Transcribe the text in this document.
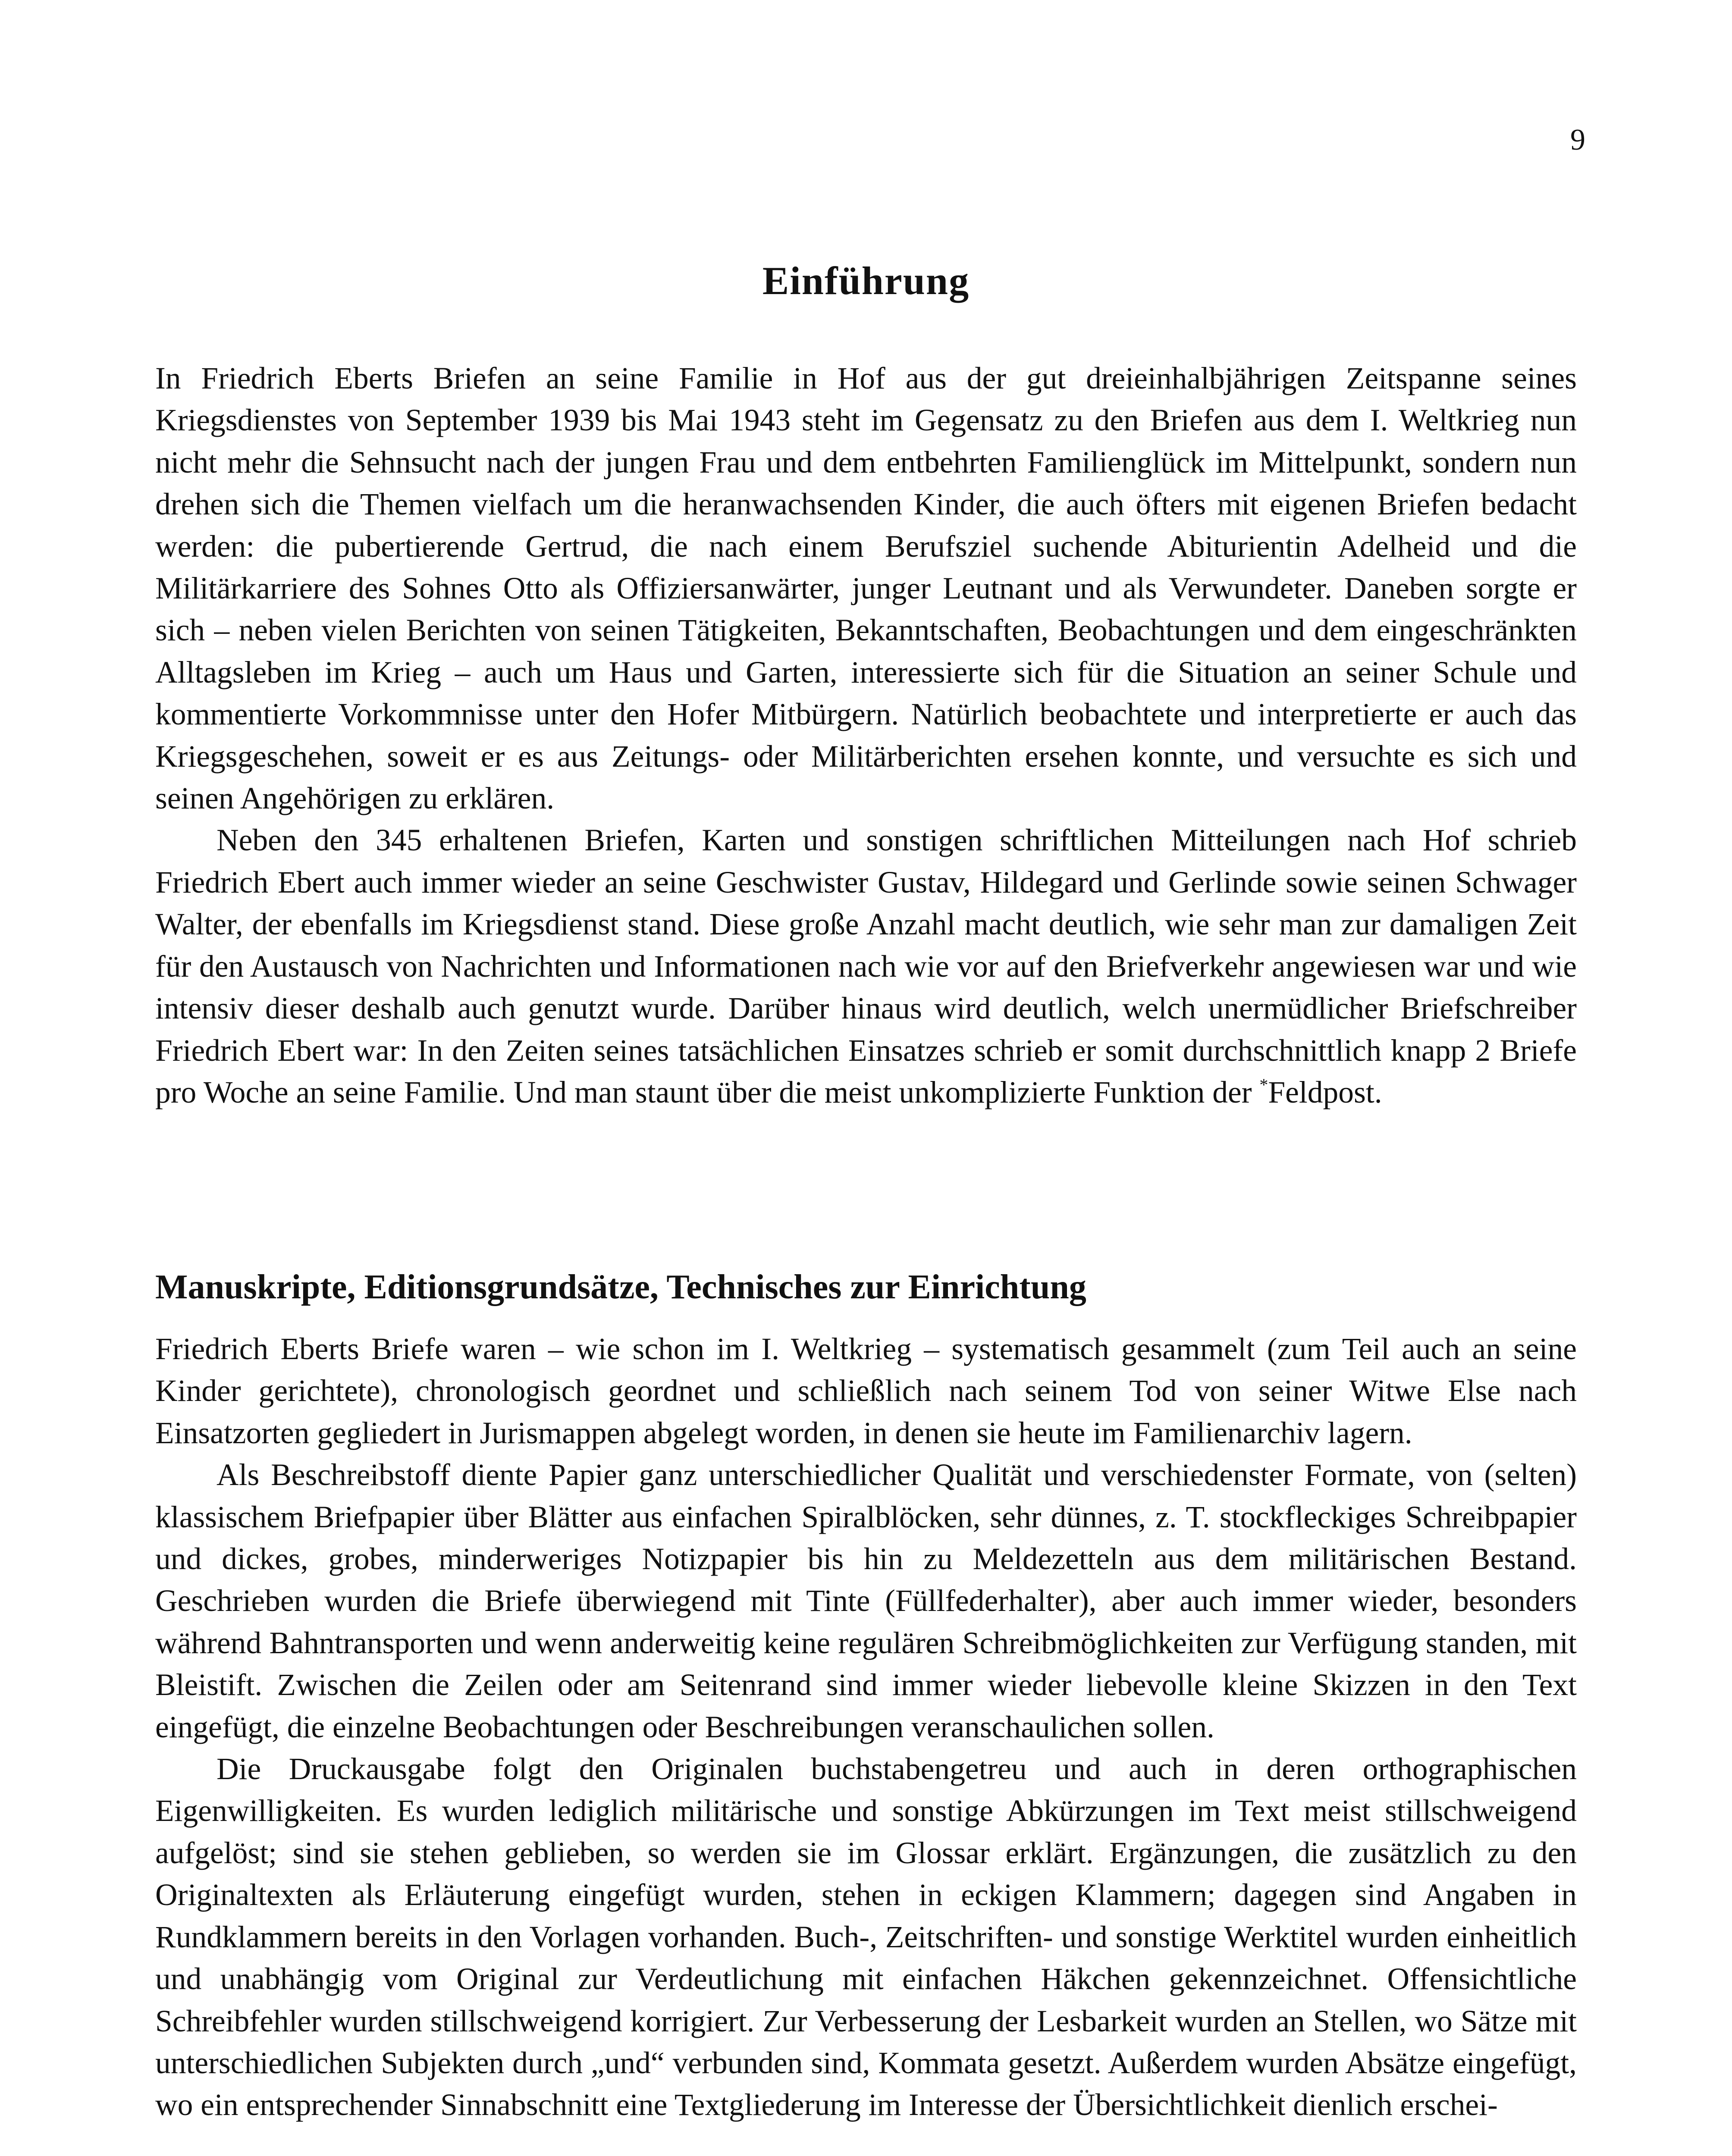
9
Einführung

In Friedrich Eberts Briefen an seine Familie in Hof aus der gut dreieinhalbjährigen Zeitspanne seines Kriegsdienstes von September 1939 bis Mai 1943 steht im Gegensatz zu den Briefen aus dem I. Weltkrieg nun nicht mehr die Sehnsucht nach der jungen Frau und dem entbehrten Familienglück im Mittelpunkt, sondern nun drehen sich die Themen vielfach um die heranwachsenden Kinder, die auch öfters mit eigenen Briefen bedacht werden: die pubertierende Gertrud, die nach einem Berufsziel suchende Abiturientin Adelheid und die Militärkarriere des Sohnes Otto als Offiziersanwärter, junger Leutnant und als Verwundeter. Daneben sorgte er sich – neben vielen Berichten von seinen Tätigkeiten, Bekanntschaften, Beobachtungen und dem eingeschränkten Alltagsleben im Krieg – auch um Haus und Garten, interessierte sich für die Situation an seiner Schule und kommentierte Vorkommnisse unter den Hofer Mitbürgern. Natürlich beobachtete und interpretierte er auch das Kriegsgeschehen, soweit er es aus Zeitungs- oder Militärberichten ersehen konnte, und versuchte es sich und seinen Angehörigen zu erklären.

Neben den 345 erhaltenen Briefen, Karten und sonstigen schriftlichen Mitteilungen nach Hof schrieb Friedrich Ebert auch immer wieder an seine Geschwister Gustav, Hildegard und Gerlinde sowie seinen Schwager Walter, der ebenfalls im Kriegsdienst stand. Diese große Anzahl macht deutlich, wie sehr man zur damaligen Zeit für den Austausch von Nachrichten und Informationen nach wie vor auf den Briefverkehr angewiesen war und wie intensiv dieser deshalb auch genutzt wurde. Darüber hinaus wird deutlich, welch unermüdlicher Briefschreiber Friedrich Ebert war: In den Zeiten seines tatsächlichen Einsatzes schrieb er somit durchschnittlich knapp 2 Briefe pro Woche an seine Familie. Und man staunt über die meist unkomplizierte Funktion der *Feldpost.

Manuskripte, Editionsgrundsätze, Technisches zur Einrichtung

Friedrich Eberts Briefe waren – wie schon im I. Weltkrieg – systematisch gesammelt (zum Teil auch an seine Kinder gerichtete), chronologisch geordnet und schließlich nach seinem Tod von seiner Witwe Else nach Einsatzorten gegliedert in Jurismappen abgelegt worden, in denen sie heute im Familienarchiv lagern.

Als Beschreibstoff diente Papier ganz unterschiedlicher Qualität und verschiedenster Formate, von (selten) klassischem Briefpapier über Blätter aus einfachen Spiralblöcken, sehr dünnes, z. T. stockfleckiges Schreibpapier und dickes, grobes, minderweriges Notizpapier bis hin zu Meldezetteln aus dem militärischen Bestand. Geschrieben wurden die Briefe überwiegend mit Tinte (Füllfederhalter), aber auch immer wieder, besonders während Bahntransporten und wenn anderweitig keine regulären Schreibmöglichkeiten zur Verfügung standen, mit Bleistift. Zwischen die Zeilen oder am Seitenrand sind immer wieder liebevolle kleine Skizzen in den Text eingefügt, die einzelne Beobachtungen oder Beschreibungen veranschaulichen sollen.

Die Druckausgabe folgt den Originalen buchstabengetreu und auch in deren orthographischen Eigenwilligkeiten. Es wurden lediglich militärische und sonstige Abkürzungen im Text meist stillschweigend aufgelöst; sind sie stehen geblieben, so werden sie im Glossar erklärt. Ergänzungen, die zusätzlich zu den Originaltexten als Erläuterung eingefügt wurden, stehen in eckigen Klammern; dagegen sind Angaben in Rundklammern bereits in den Vorlagen vorhanden. Buch-, Zeitschriften- und sonstige Werktitel wurden einheitlich und unabhängig vom Original zur Verdeutlichung mit einfachen Häkchen gekennzeichnet. Offensichtliche Schreibfehler wurden stillschweigend korrigiert. Zur Verbesserung der Lesbarkeit wurden an Stellen, wo Sätze mit unterschiedlichen Subjekten durch „und“ verbunden sind, Kommata gesetzt. Außerdem wurden Absätze eingefügt, wo ein entsprechender Sinnabschnitt eine Textgliederung im Interesse der Übersichtlichkeit dienlich erschei-
